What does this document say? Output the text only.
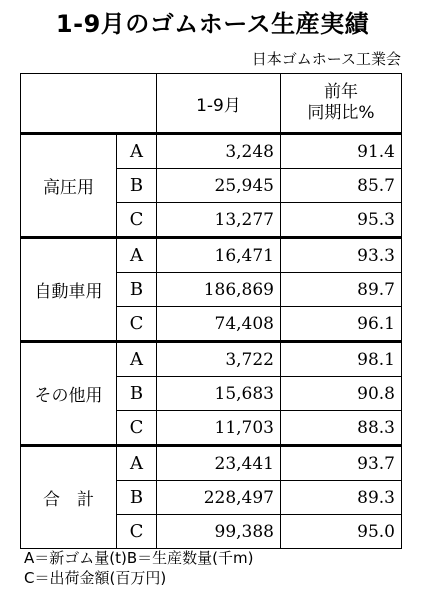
1-9月のゴムホース生産実績
日本ゴムホース工業会
		1-9月	前年
同期比%
高圧用	A	3,248	91.4
	B	25,945	85.7
	C	13,277	95.3
自動車用	A	16,471	93.3
	B	186,869	89.7
	C	74,408	96.1
その他用	A	3,722	98.1
	B	15,683	90.8
	C	11,703	88.3
合　計	A	23,441	93.7
	B	228,497	89.3
	C	99,388	95.0
A＝新ゴム量(t)B＝生産数量(千m)
C＝出荷金額(百万円)
